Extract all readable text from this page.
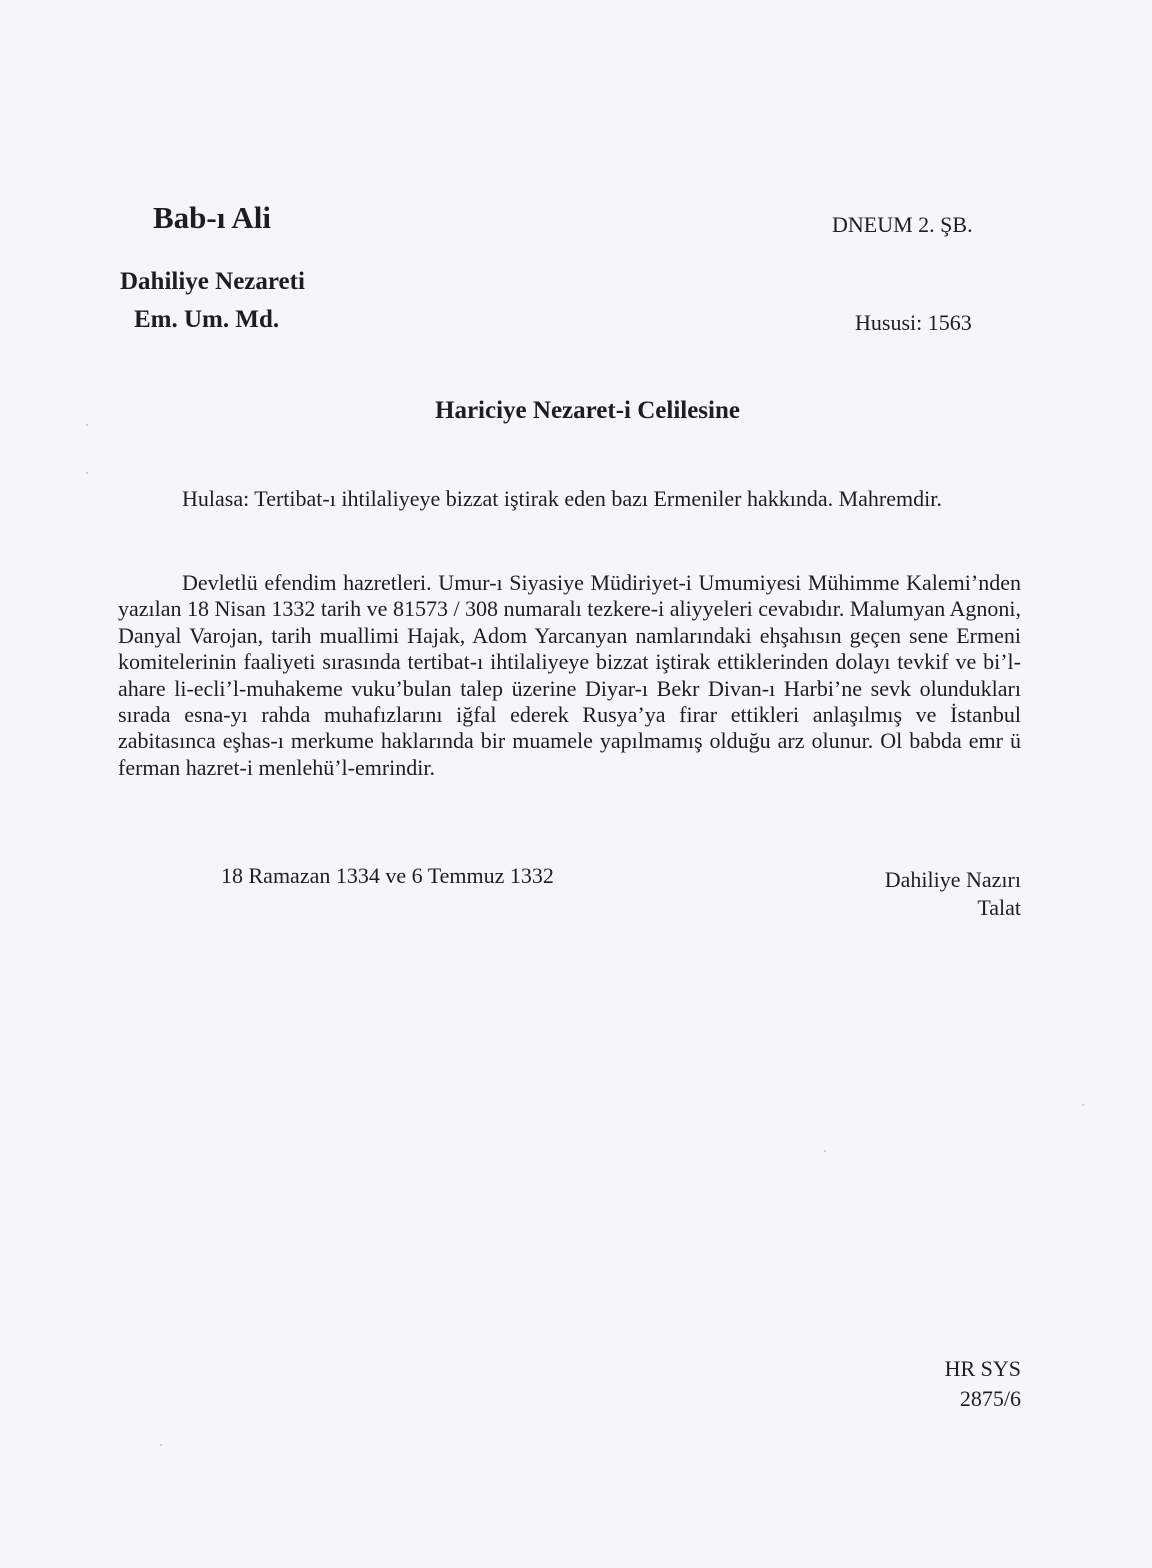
Bab-ı Ali
Dahiliye Nezareti
Em. Um. Md.
DNEUM 2. ŞB.
Hususi: 1563
Hariciye Nezaret-i Celilesine
Hulasa: Tertibat-ı ihtilaliyeye bizzat iştirak eden bazı Ermeniler hakkında. Mahremdir.
Devletlü efendim hazretleri. Umur-ı Siyasiye Müdiriyet-i Umumiyesi Mühimme Kalemi’nden yazılan 18 Nisan 1332 tarih ve 81573 / 308 numaralı tezkere-i aliyyeleri cevabıdır. Malumyan Agnoni, Danyal Varojan, tarih muallimi Hajak, Adom Yarcanyan namlarındaki ehşahısın geçen sene Ermeni komitelerinin faaliyeti sırasında tertibat-ı ihtilaliyeye bizzat iştirak ettiklerinden dolayı tevkif ve bi’l-ahare li-ecli’l-muhakeme vuku’bulan talep üzerine Diyar-ı Bekr Divan-ı Harbi’ne sevk olundukları sırada esna-yı rahda muhafızlarını iğfal ederek Rusya’ya firar ettikleri anlaşılmış ve İstanbul zabitasınca eşhas-ı merkume haklarında bir muamele yapılmamış olduğu arz olunur. Ol babda emr ü ferman hazret-i menlehü’l-emrindir.
18 Ramazan 1334 ve 6 Temmuz 1332	Dahiliye Nazırı
Talat
HR SYS
2875/6
